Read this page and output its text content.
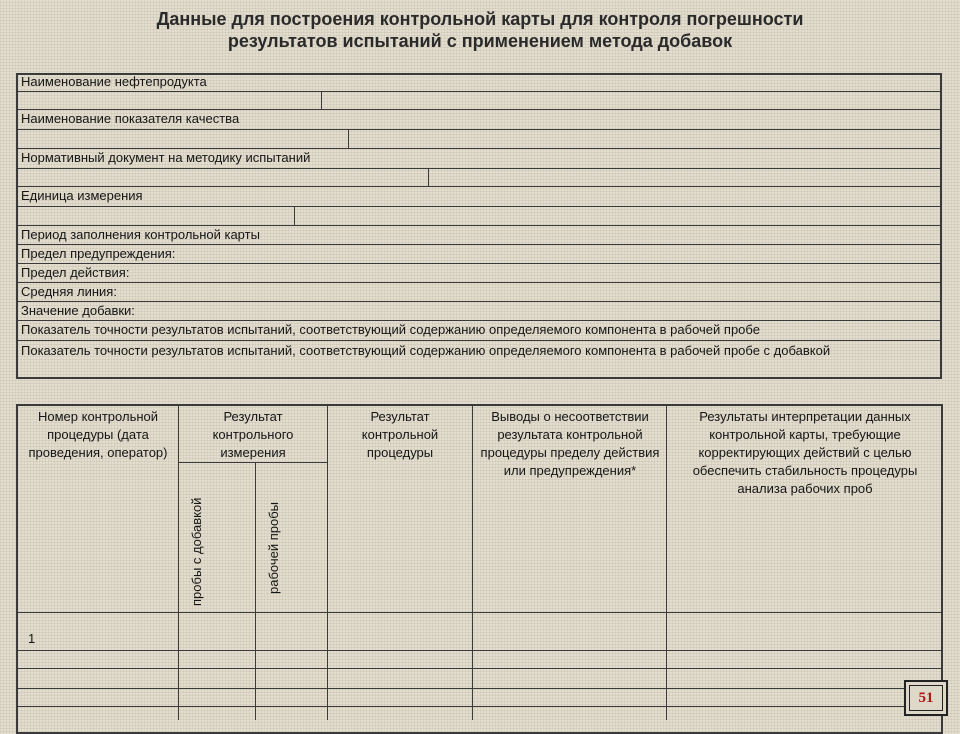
Данные для построения контрольной карты для контроля погрешности
результатов испытаний с применением метода добавок
Наименование нефтепродукта
Наименование показателя качества
Нормативный документ на методику испытаний
Единица измерения
Период заполнения контрольной карты
Предел предупреждения:
Предел действия:
Средняя линия:
Значение добавки:
Показатель точности результатов испытаний, соответствующий содержанию определяемого компонента в рабочей пробе
Показатель точности результатов испытаний, соответствующий содержанию определяемого компонента в рабочей пробе с добавкой
Номер контрольной процедуры (дата проведения, оператор)
Результат контрольного измерения
пробы с добавкой	рабочей пробы
Результат контрольной процедуры
Выводы о несоответствии результата контрольной процедуры пределу действия или предупреждения*
Результаты интерпретации данных контрольной карты, требующие корректирующих действий с целью обеспечить стабильность процедуры анализа рабочих проб
1
51
